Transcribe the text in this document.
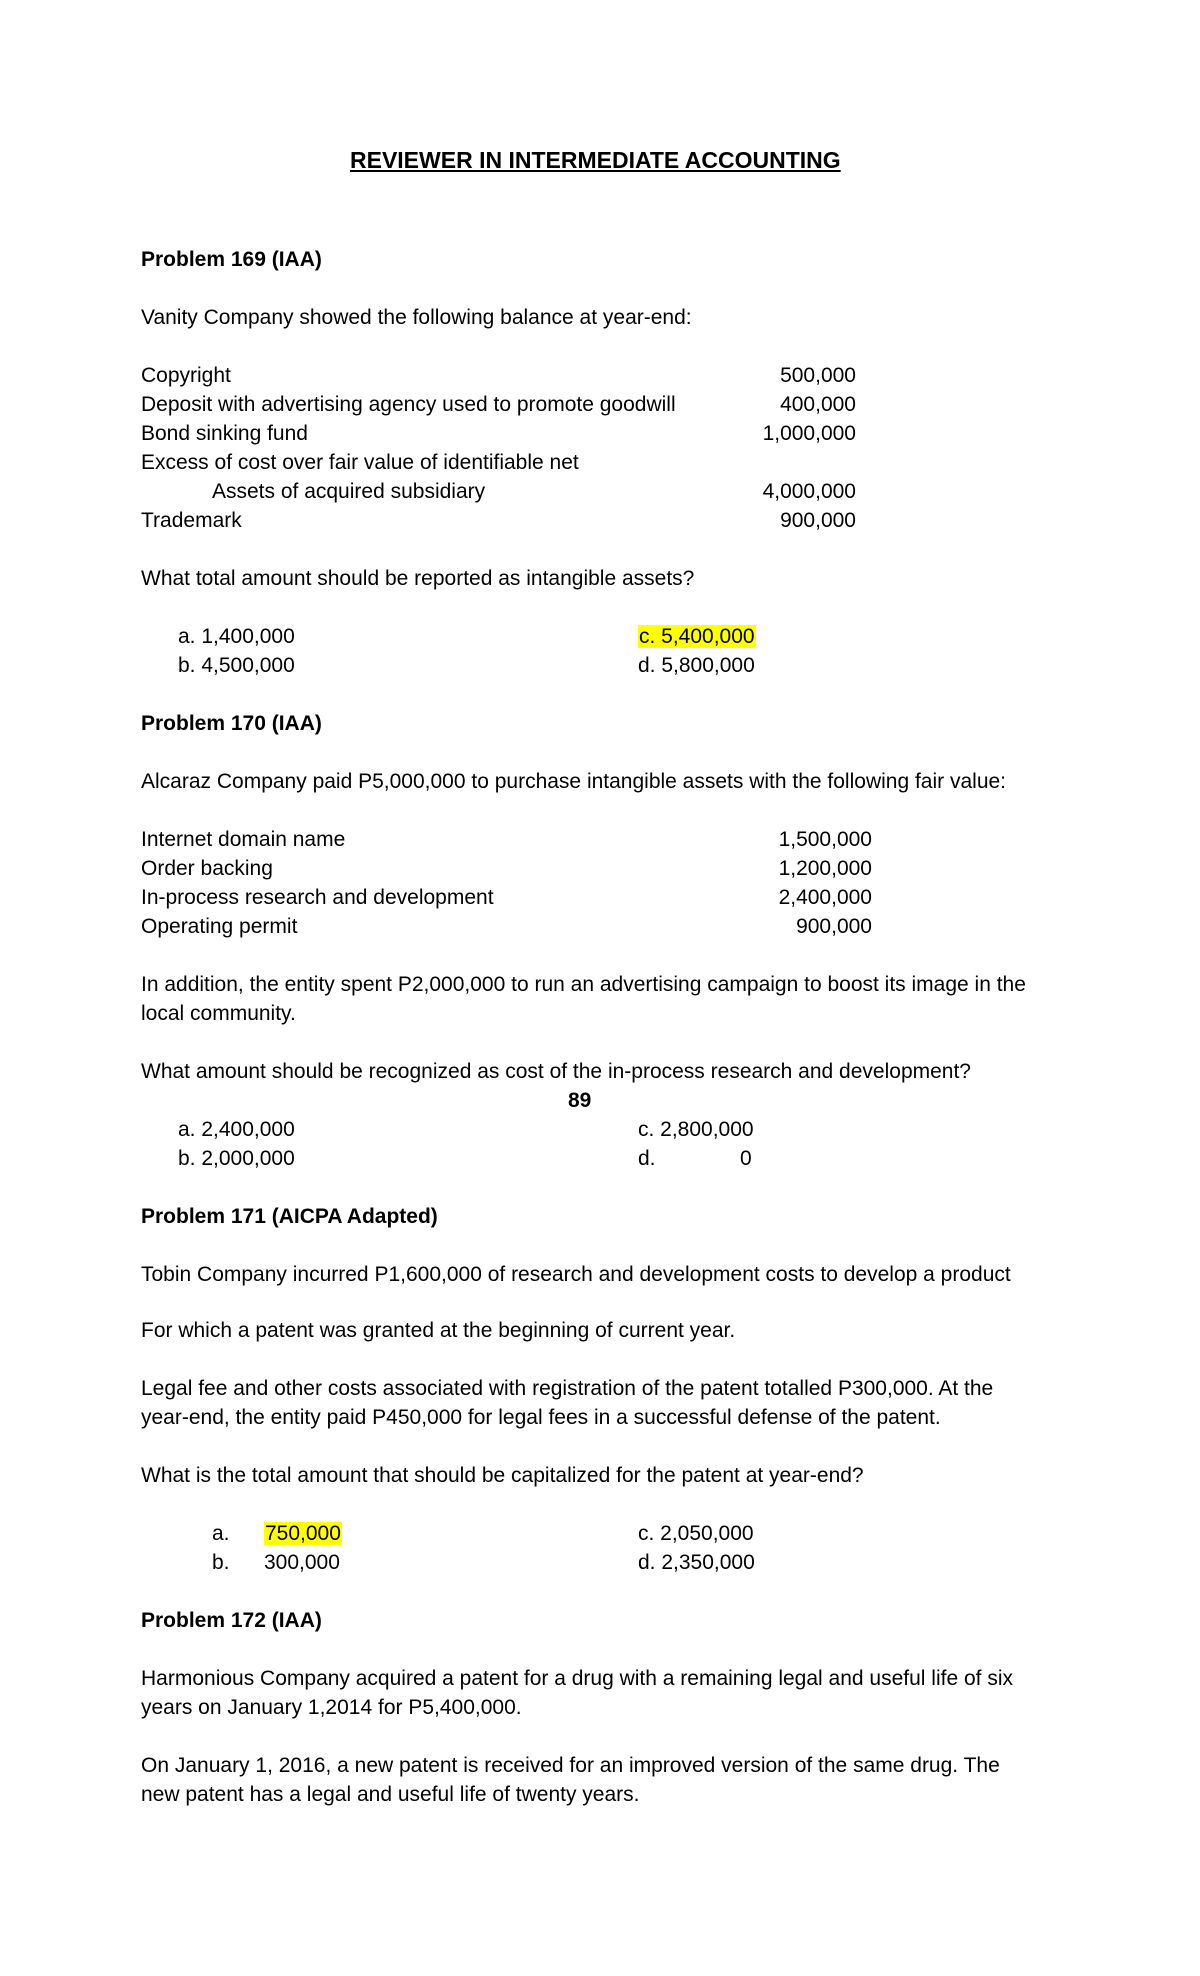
REVIEWER IN INTERMEDIATE ACCOUNTING
Problem 169 (IAA)
Vanity Company showed the following balance at year-end:
Copyright	500,000
Deposit with advertising agency used to promote goodwill	400,000
Bond sinking fund	1,000,000
Excess of cost over fair value of identifiable net
Assets of acquired subsidiary	4,000,000
Trademark	900,000
What total amount should be reported as intangible assets?
a. 1,400,000
b. 4,500,000
c. 5,400,000
d. 5,800,000
Problem 170 (IAA)
Alcaraz Company paid P5,000,000 to purchase intangible assets with the following fair value:
Internet domain name	1,500,000
Order backing	1,200,000
In-process research and development	2,400,000
Operating permit	900,000
In addition, the entity spent P2,000,000 to run an advertising campaign to boost its image in the
local community.
What amount should be recognized as cost of the in-process research and development?
89
a. 2,400,000
b. 2,000,000
c. 2,800,000
d.	0
Problem 171 (AICPA Adapted)
Tobin Company incurred P1,600,000 of research and development costs to develop a product
For which a patent was granted at the beginning of current year.
Legal fee and other costs associated with registration of the patent totalled P300,000. At the
year-end, the entity paid P450,000 for legal fees in a successful defense of the patent.
What is the total amount that should be capitalized for the patent at year-end?
a. 750,000
b. 300,000
c. 2,050,000
d. 2,350,000
Problem 172 (IAA)
Harmonious Company acquired a patent for a drug with a remaining legal and useful life of six
years on January 1,2014 for P5,400,000.
On January 1, 2016, a new patent is received for an improved version of the same drug. The
new patent has a legal and useful life of twenty years.
